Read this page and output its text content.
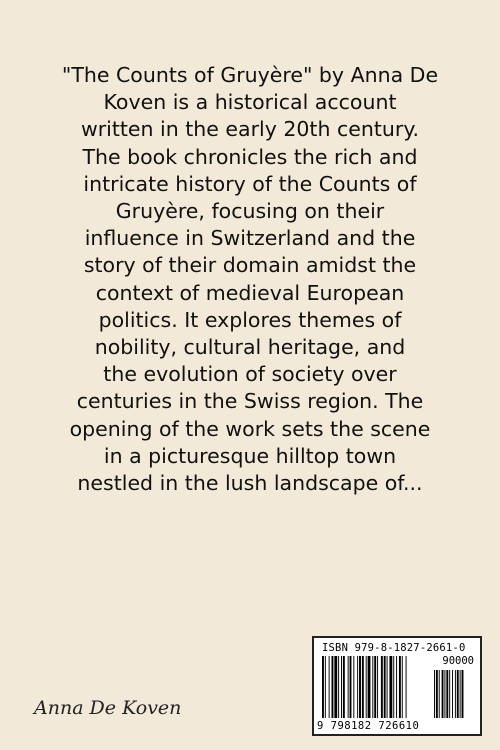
"The Counts of Gruyère" by Anna De
Koven is a historical account
written in the early 20th century.
The book chronicles the rich and
intricate history of the Counts of
Gruyère, focusing on their
influence in Switzerland and the
story of their domain amidst the
context of medieval European
politics. It explores themes of
nobility, cultural heritage, and
the evolution of society over
centuries in the Swiss region. The
opening of the work sets the scene
in a picturesque hilltop town
nestled in the lush landscape of...
Anna De Koven
ISBN 979-8-1827-2661-0
90000
9 798182 726610
